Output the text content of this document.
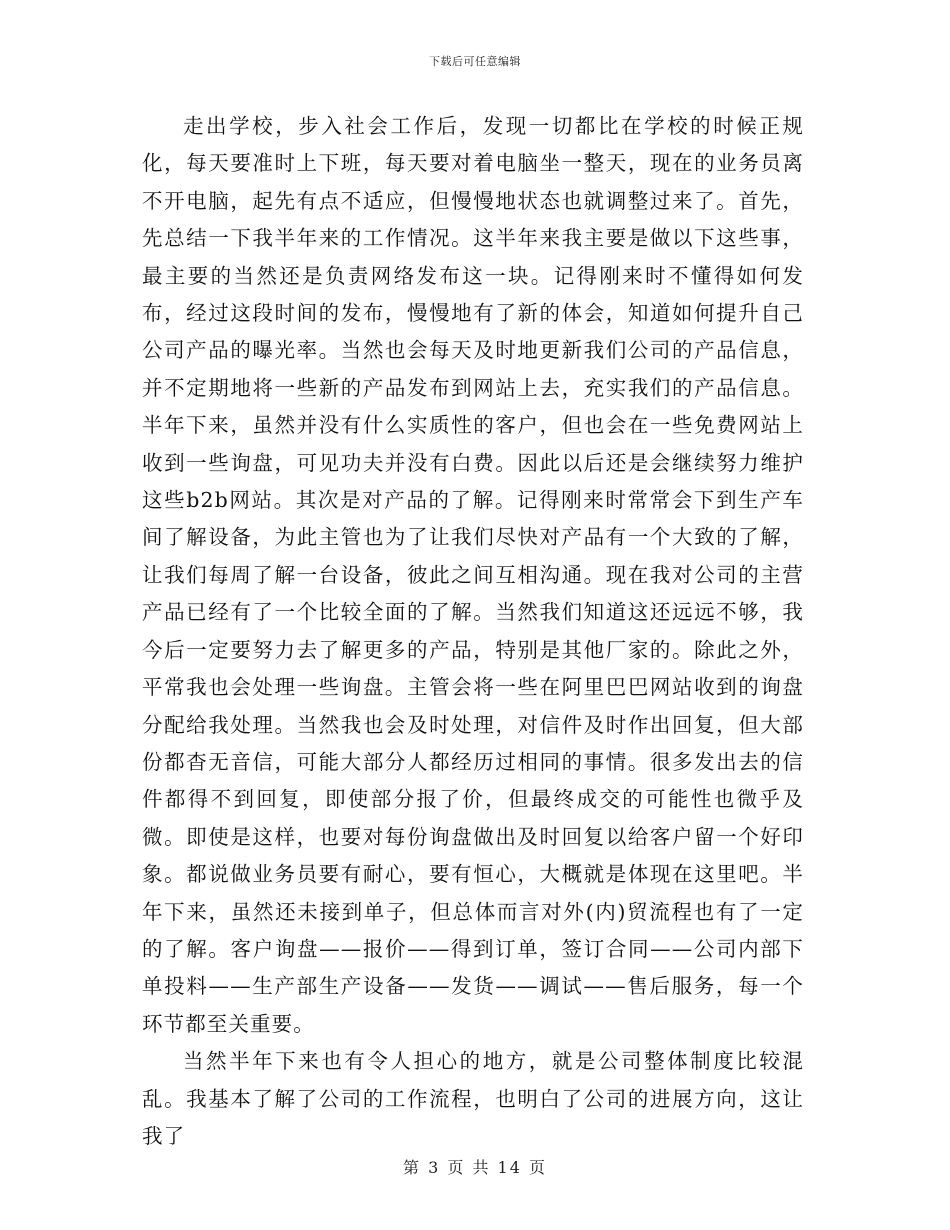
下载后可任意编辑

走出学校，步入社会工作后，发现一切都比在学校的时候正规化，每天要准时上下班，每天要对着电脑坐一整天，现在的业务员离不开电脑，起先有点不适应，但慢慢地状态也就调整过来了。首先，先总结一下我半年来的工作情况。这半年来我主要是做以下这些事，最主要的当然还是负责网络发布这一块。记得刚来时不懂得如何发布，经过这段时间的发布，慢慢地有了新的体会，知道如何提升自己公司产品的曝光率。当然也会每天及时地更新我们公司的产品信息，并不定期地将一些新的产品发布到网站上去，充实我们的产品信息。半年下来，虽然并没有什么实质性的客户，但也会在一些免费网站上收到一些询盘，可见功夫并没有白费。因此以后还是会继续努力维护这些b2b网站。其次是对产品的了解。记得刚来时常常会下到生产车间了解设备，为此主管也为了让我们尽快对产品有一个大致的了解，让我们每周了解一台设备，彼此之间互相沟通。现在我对公司的主营产品已经有了一个比较全面的了解。当然我们知道这还远远不够，我今后一定要努力去了解更多的产品，特别是其他厂家的。除此之外，平常我也会处理一些询盘。主管会将一些在阿里巴巴网站收到的询盘分配给我处理。当然我也会及时处理，对信件及时作出回复，但大部份都杳无音信，可能大部分人都经历过相同的事情。很多发出去的信件都得不到回复，即使部分报了价，但最终成交的可能性也微乎及微。即使是这样，也要对每份询盘做出及时回复以给客户留一个好印象。都说做业务员要有耐心，要有恒心，大概就是体现在这里吧。半年下来，虽然还未接到单子，但总体而言对外(内)贸流程也有了一定的了解。客户询盘——报价——得到订单，签订合同——公司内部下单投料——生产部生产设备——发货——调试——售后服务，每一个环节都至关重要。

当然半年下来也有令人担心的地方，就是公司整体制度比较混乱。我基本了解了公司的工作流程，也明白了公司的进展方向，这让我了

第 3 页 共 14 页
